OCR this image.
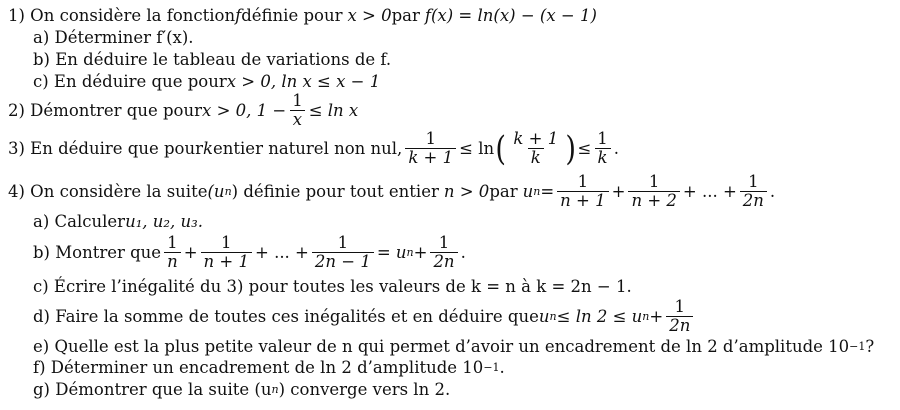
1) On considère la fonction f définie pour x > 0 par f(x) = ln(x) − (x − 1)
a) Déterminer f′(x).
b) En déduire le tableau de variations de f.
c) En déduire que pour x > 0, ln x ≤ x − 1
2) Démontrer que pour x > 0, $1 - \frac{1}{x} \le \ln x$
3) En déduire que pour k entier naturel non nul, $\frac{1}{k + 1} \le \ln$ ( $\frac{k + 1}{k}$ ) ≤ $\frac{1}{k}$ .
4) On considère la suite (u n ) définie pour tout entier n > 0 par u $n = \frac{1}{n + 1} + \frac{1}{n + 2}$ + ... + $\frac{1}{2n}$ .
a) Calculer u₁, u₂, u₃.
b) Montrer que $\frac{1}{n} + \frac{1}{n + 1}$ + ... + $\frac{1}{2n - 1} = u$ $n + \frac{1}{2n}$ .
c) Écrire l’inégalité du 3) pour toutes les valeurs de k = n à k = 2n − 1.
d) Faire la somme de toutes ces inégalités et en déduire que u n ≤ ln 2 ≤ u $n + \frac{1}{2n}$
e) Quelle est la plus petite valeur de n qui permet d’avoir un encadrement de ln 2 d’amplitude 10 −1 ?
f) Déterminer un encadrement de ln 2 d’amplitude 10 −1 .
g) Démontrer que la suite (u n ) converge vers ln 2.
